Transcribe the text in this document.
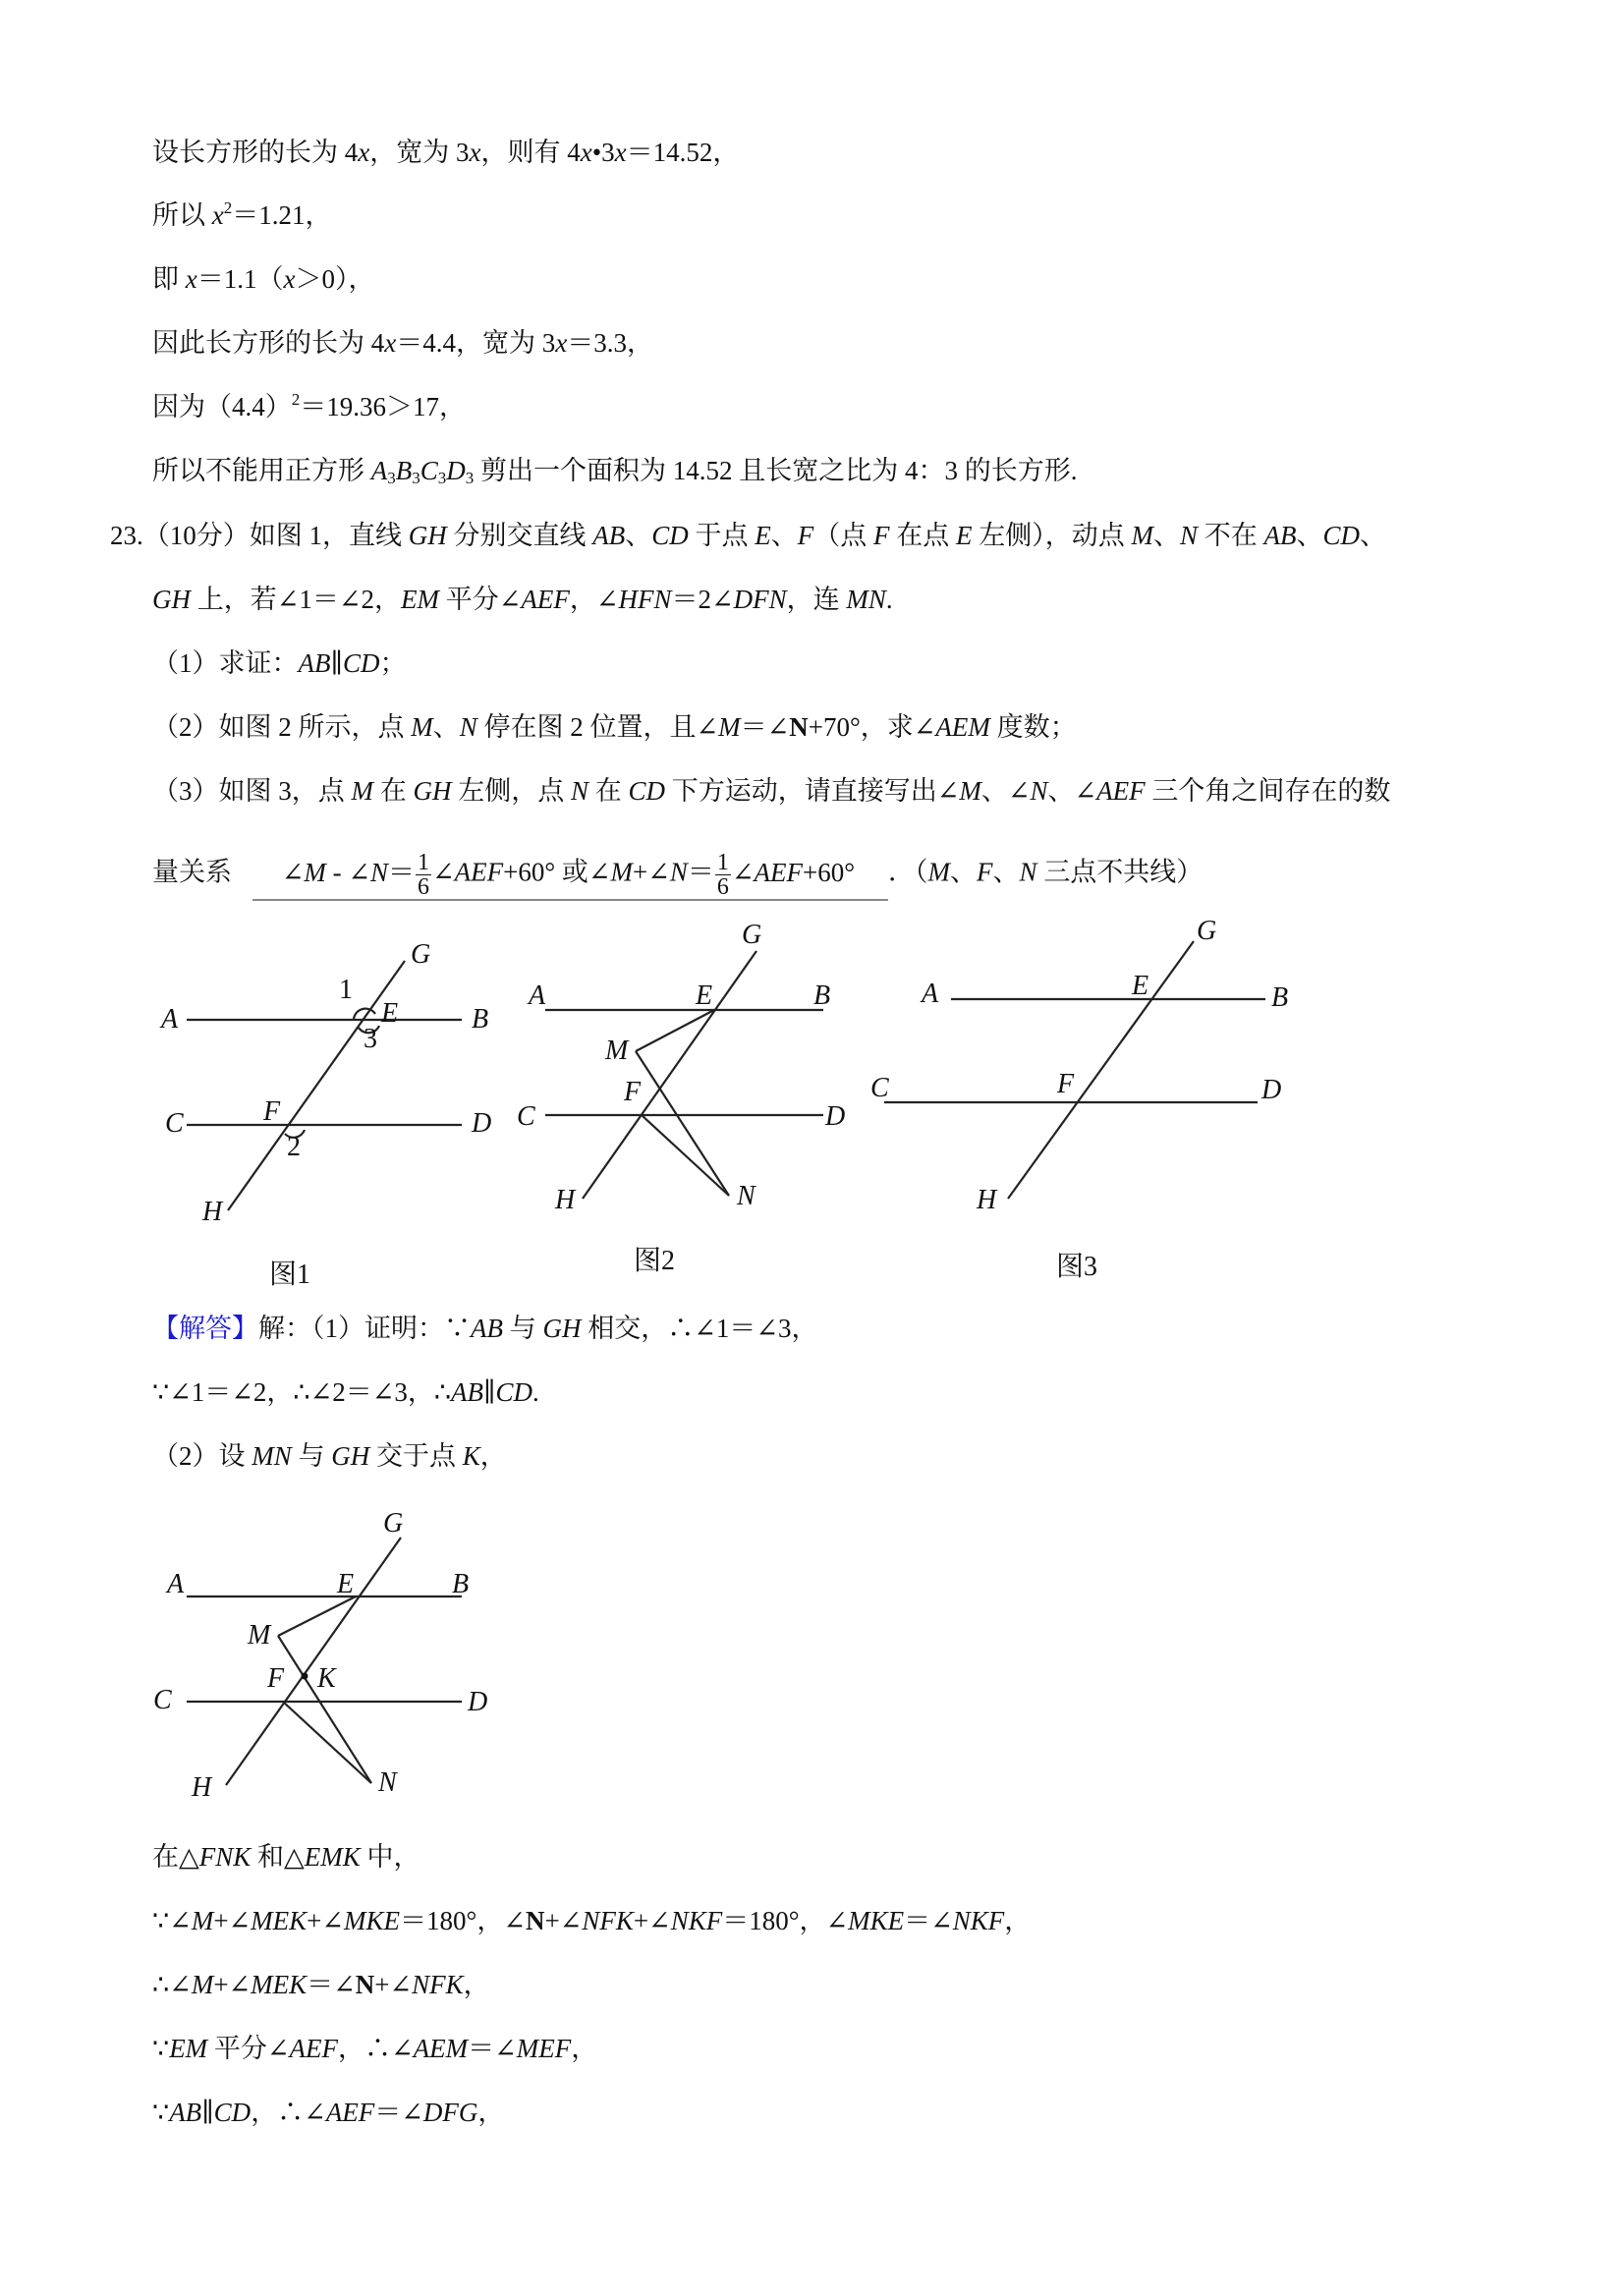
设长方形的长为 4x，宽为 3x，则有 4x•3x＝14.52，
所以 $x^2=1.21$，
即 x＝1.1（x＞0），
因此长方形的长为 4x＝4.4，宽为 3x＝3.3，
因为$(4.4)^2=19.36>17$，
所以不能用正方形 $A_3B_3C_3D_3$ 剪出一个面积为 14.52 且长宽之比为 4：3 的长方形.
23.（10分）如图 1，直线 GH 分别交直线 AB、CD 于点 E、F（点 F 在点 E 左侧），动点 M、N 不在 AB、CD、
GH 上，若∠1＝∠2，EM 平分∠AEF，∠HFN＝2∠DFN，连 MN.
（1）求证：AB∥CD；
（2）如图 2 所示，点 M、N 停在图 2 位置，且∠M＝∠N+70°，求∠AEM 度数；
（3）如图 3，点 M 在 GH 左侧，点 N 在 CD 下方运动，请直接写出∠M、∠N、∠AEF 三个角之间存在的数
量关系 ∠M - ∠N＝ $\frac{1}{6}$ ∠AEF+60° 或∠M+∠N＝ $\frac{1}{6}$ ∠AEF+60° ．（M、F、N 三点不共线）
G
1
E
A	B
3
F
C	D
2
H
图1
G
A	E	B
M
F
C	D
H	N
图2
G
A	E	B
C	F	D
H
图3
【解答】解：（1）证明：∵AB 与 GH 相交，∴∠1＝∠3，
∵∠1＝∠2，∴∠2＝∠3，∴AB∥CD.
（2）设 MN 与 GH 交于点 K，
G
A	E	B
M
F K
C	D
H	N
在△FNK 和△EMK 中，
∵∠M+∠MEK+∠MKE＝180°，∠N+∠NFK+∠NKF＝180°，∠MKE＝∠NKF，
∴∠M+∠MEK＝∠N+∠NFK，
∵EM 平分∠AEF，∴∠AEM＝∠MEF，
∵AB∥CD，∴∠AEF＝∠DFG，
